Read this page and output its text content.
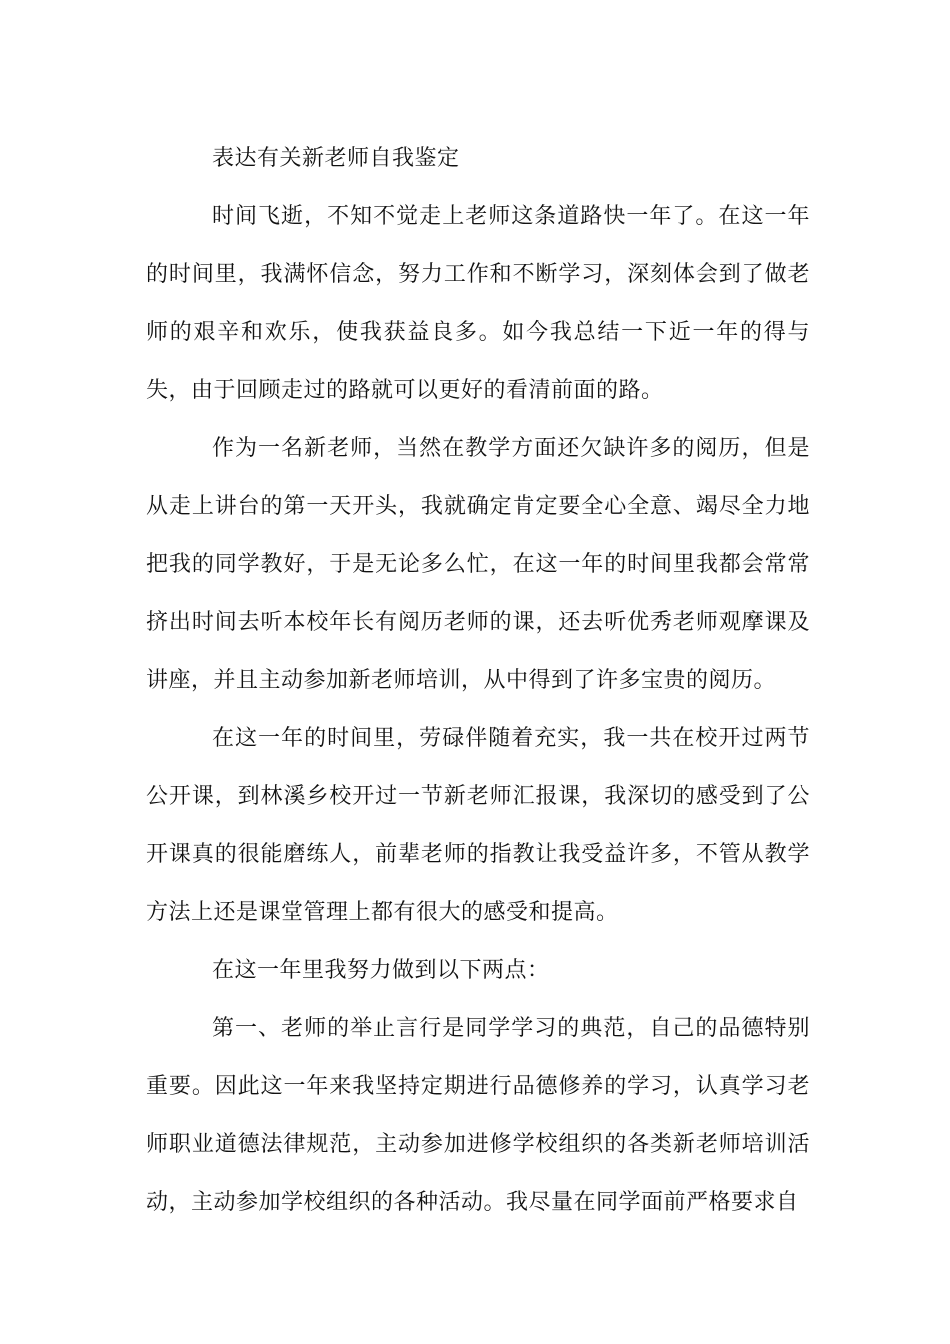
表达有关新老师自我鉴定

时间飞逝，不知不觉走上老师这条道路快一年了。在这一年的时间里，我满怀信念，努力工作和不断学习，深刻体会到了做老师的艰辛和欢乐，使我获益良多。如今我总结一下近一年的得与失，由于回顾走过的路就可以更好的看清前面的路。

作为一名新老师，当然在教学方面还欠缺许多的阅历，但是从走上讲台的第一天开头，我就确定肯定要全心全意、竭尽全力地把我的同学教好，于是无论多么忙，在这一年的时间里我都会常常挤出时间去听本校年长有阅历老师的课，还去听优秀老师观摩课及讲座，并且主动参加新老师培训，从中得到了许多宝贵的阅历。

在这一年的时间里，劳碌伴随着充实，我一共在校开过两节公开课，到林溪乡校开过一节新老师汇报课，我深切的感受到了公开课真的很能磨练人，前辈老师的指教让我受益许多，不管从教学方法上还是课堂管理上都有很大的感受和提高。

在这一年里我努力做到以下两点：

第一、老师的举止言行是同学学习的典范，自己的品德特别重要。因此这一年来我坚持定期进行品德修养的学习，认真学习老师职业道德法律规范，主动参加进修学校组织的各类新老师培训活动，主动参加学校组织的各种活动。我尽量在同学面前严格要求自
